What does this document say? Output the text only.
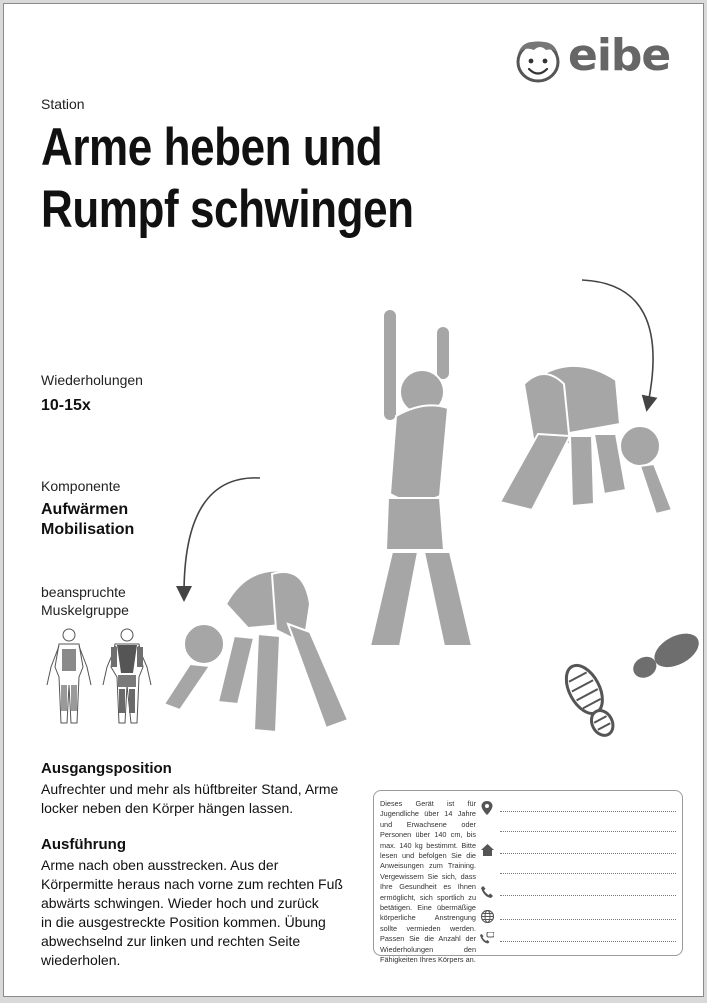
eibe
Station
Arme heben und
Rumpf schwingen
Wiederholungen
10-15x
Komponente
Aufwärmen
Mobilisation
beanspruchte
Muskelgruppe
Ausgangsposition
Aufrechter und mehr als hüftbreiter Stand, Arme
locker neben den Körper hängen lassen.
Ausführung
Arme nach oben ausstrecken. Aus der
Körpermitte heraus nach vorne zum rechten Fuß
abwärts schwingen. Wieder hoch und zurück
in die ausgestreckte Position kommen. Übung
abwechselnd zur linken und rechten Seite
wiederholen.
Dieses Gerät ist für Jugendliche über 14 Jahre und Erwachsene oder Personen über 140 cm, bis max. 140 kg bestimmt. Bitte lesen und befolgen Sie die Anweisungen zum Training. Vergewissern Sie sich, dass Ihre Gesundheit es Ihnen ermöglicht, sich sportlich zu betätigen. Eine übermäßige körperliche Anstrengung sollte vermieden werden. Passen Sie die Anzahl der Wiederholungen den Fähigkeiten Ihres Körpers an.
